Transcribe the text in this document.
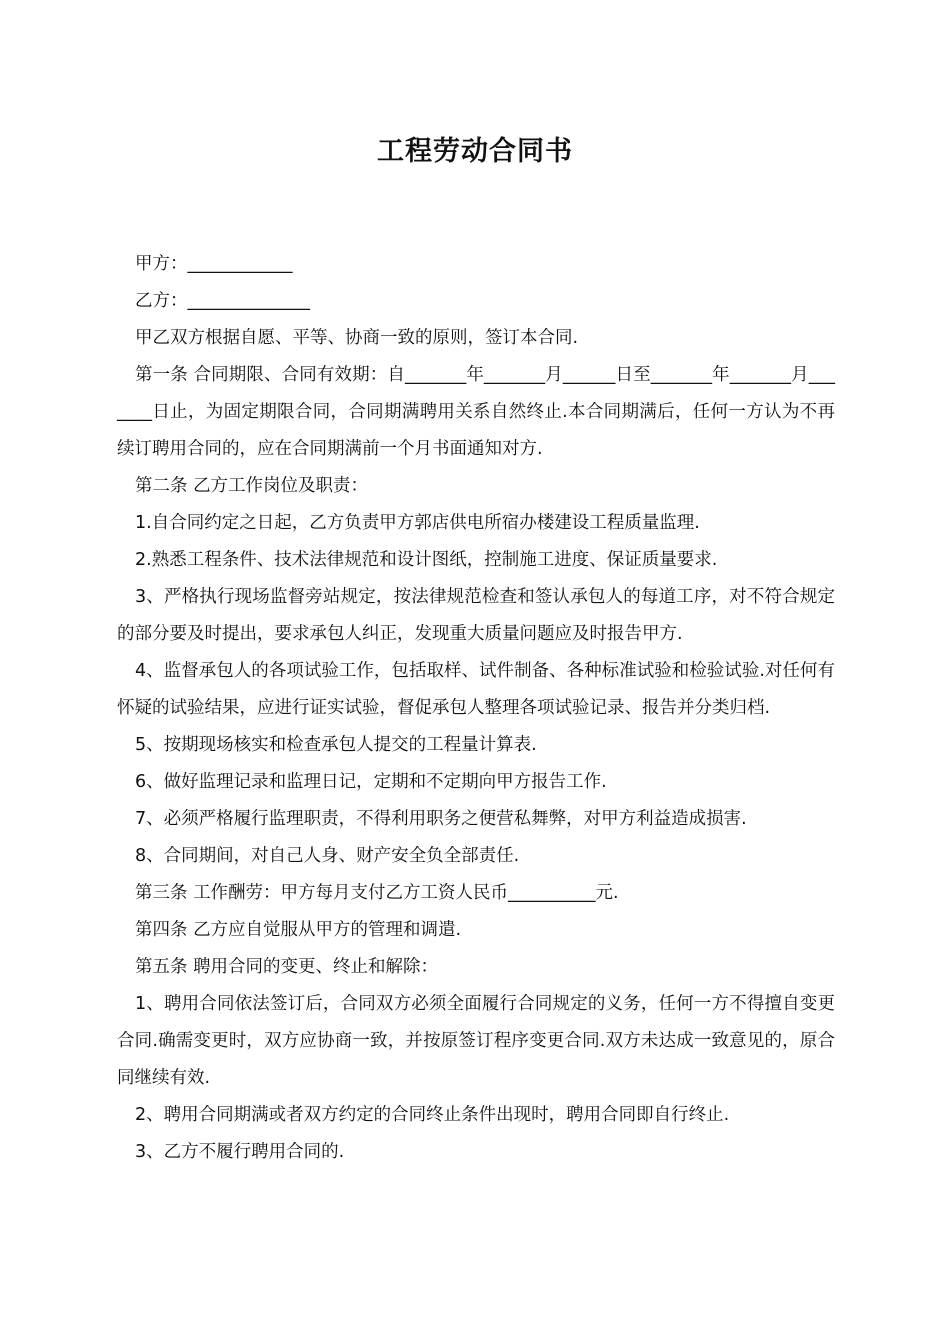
工程劳动合同书

甲方：____________

乙方：______________

甲乙双方根据自愿、平等、协商一致的原则，签订本合同.

第一条 合同期限、合同有效期：自_______年_______月______日至_______年_______月_______日止，为固定期限合同，合同期满聘用关系自然终止.本合同期满后，任何一方认为不再续订聘用合同的，应在合同期满前一个月书面通知对方.

第二条 乙方工作岗位及职责：

1.自合同约定之日起，乙方负责甲方郭店供电所宿办楼建设工程质量监理.

2.熟悉工程条件、技术法律规范和设计图纸，控制施工进度、保证质量要求.

3、严格执行现场监督旁站规定，按法律规范检查和签认承包人的每道工序，对不符合规定的部分要及时提出，要求承包人纠正，发现重大质量问题应及时报告甲方.

4、监督承包人的各项试验工作，包括取样、试件制备、各种标准试验和检验试验.对任何有怀疑的试验结果，应进行证实试验，督促承包人整理各项试验记录、报告并分类归档.

5、按期现场核实和检查承包人提交的工程量计算表.

6、做好监理记录和监理日记，定期和不定期向甲方报告工作.

7、必须严格履行监理职责，不得利用职务之便营私舞弊，对甲方利益造成损害.

8、合同期间，对自己人身、财产安全负全部责任.

第三条 工作酬劳：甲方每月支付乙方工资人民币__________元.

第四条 乙方应自觉服从甲方的管理和调遣.

第五条 聘用合同的变更、终止和解除：

1、聘用合同依法签订后，合同双方必须全面履行合同规定的义务，任何一方不得擅自变更合同.确需变更时，双方应协商一致，并按原签订程序变更合同.双方未达成一致意见的，原合同继续有效.

2、聘用合同期满或者双方约定的合同终止条件出现时，聘用合同即自行终止.

3、乙方不履行聘用合同的.
